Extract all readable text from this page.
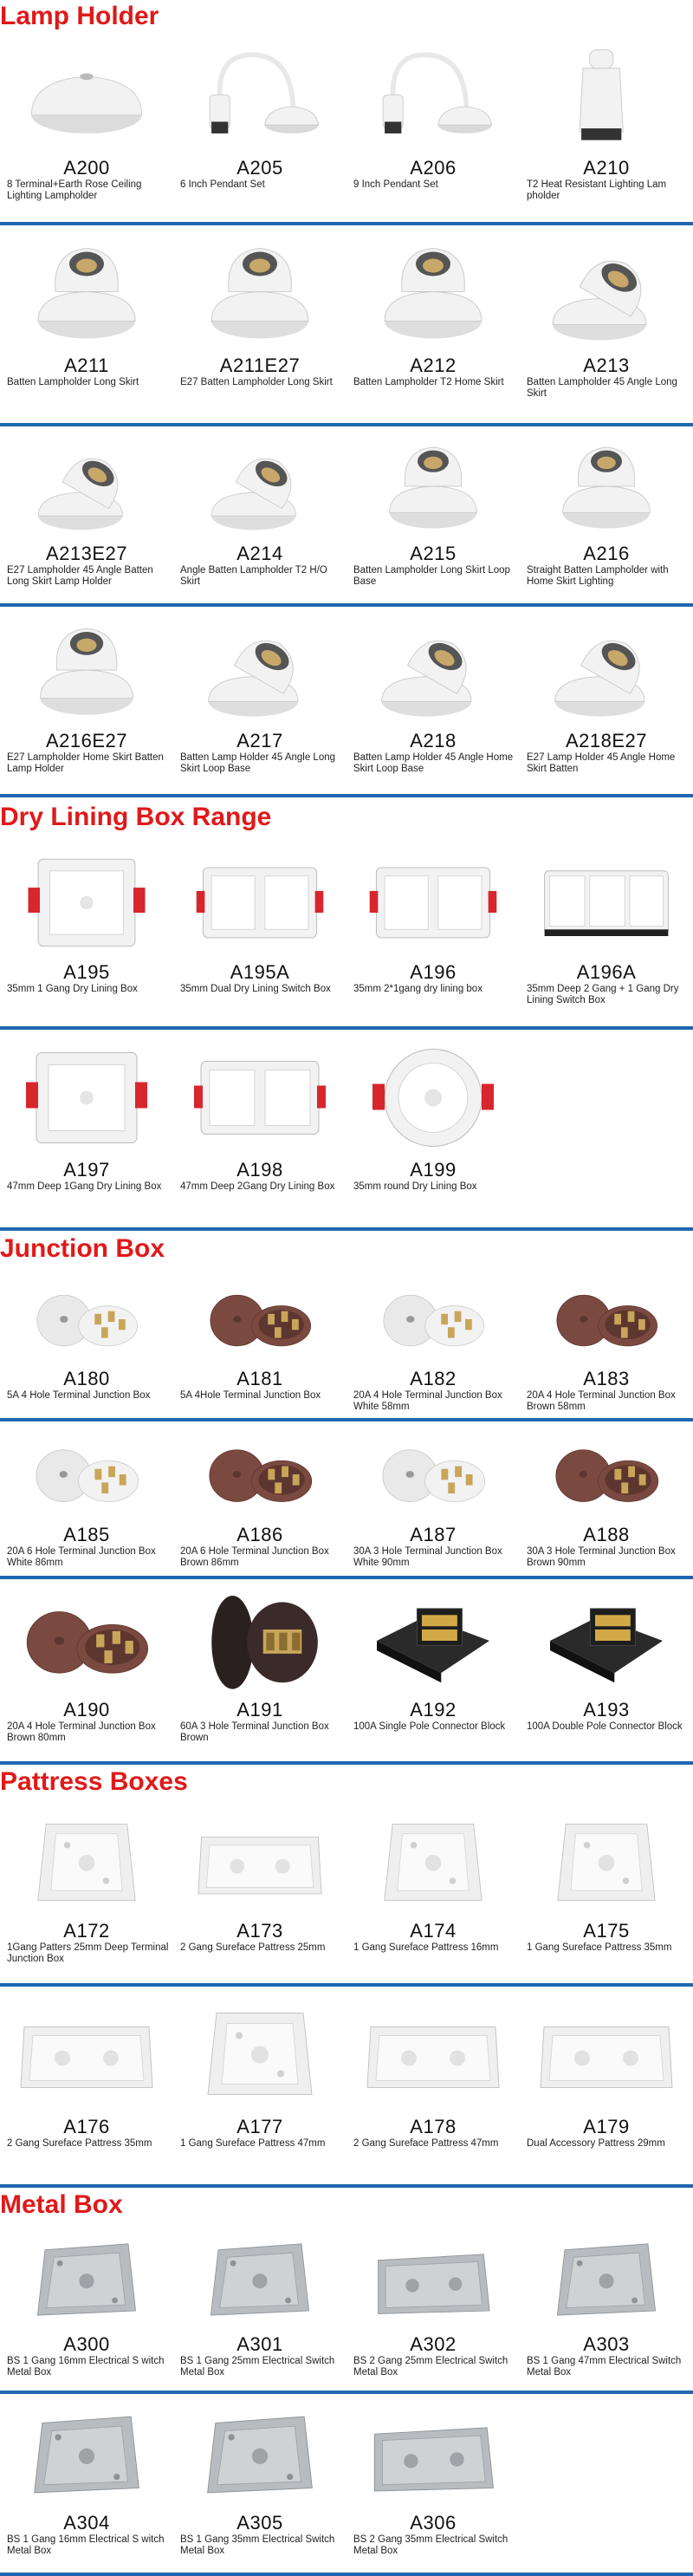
Lamp Holder
A200
8 Terminal+Earth Rose Ceiling Lighting Lampholder
A205
6 Inch Pendant Set
A206
9 Inch Pendant Set
A210
T2 Heat Resistant Lighting Lam pholder
A211
Batten Lampholder Long Skirt
A211E27
E27 Batten Lampholder Long Skirt
A212
Batten Lampholder T2 Home Skirt
A213
Batten Lampholder 45 Angle Long Skirt
A213E27
E27 Lampholder 45 Angle Batten Long Skirt Lamp Holder
A214
Angle Batten Lampholder T2 H/O Skirt
A215
Batten Lampholder Long Skirt Loop Base
A216
Straight Batten Lampholder with Home Skirt Lighting
A216E27
E27 Lampholder Home Skirt Batten Lamp Holder
A217
Batten Lamp Holder 45 Angle Long Skirt Loop Base
A218
Batten Lamp Holder 45 Angle Home Skirt Loop Base
A218E27
E27 Lamp Holder 45 Angle Home Skirt Batten
Dry Lining Box Range
A195
35mm 1 Gang Dry Lining Box
A195A
35mm Dual Dry Lining Switch Box
A196
35mm 2*1gang dry lining box
A196A
35mm Deep 2 Gang + 1 Gang Dry Lining Switch Box
A197
47mm Deep 1Gang Dry Lining Box
A198
47mm Deep 2Gang Dry Lining Box
A199
35mm round Dry Lining Box
Junction Box
A180
5A 4 Hole Terminal Junction Box
A181
5A 4Hole Terminal Junction Box
A182
20A 4 Hole Terminal Junction Box White 58mm
A183
20A 4 Hole Terminal Junction Box Brown 58mm
A185
20A 6 Hole Terminal Junction Box White 86mm
A186
20A 6 Hole Terminal Junction Box Brown 86mm
A187
30A 3 Hole Terminal Junction Box White 90mm
A188
30A 3 Hole Terminal Junction Box Brown 90mm
A190
20A 4 Hole Terminal Junction Box Brown 80mm
A191
60A 3 Hole Terminal Junction Box Brown
A192
100A Single Pole Connector Block
A193
100A Double Pole Connector Block
Pattress Boxes
A172
1Gang Patters 25mm Deep Terminal Junction Box
A173
2 Gang Sureface Pattress 25mm
A174
1 Gang Sureface Pattress 16mm
A175
1 Gang Sureface Pattress 35mm
A176
2 Gang Sureface Pattress 35mm
A177
1 Gang Sureface Pattress 47mm
A178
2 Gang Sureface Pattress 47mm
A179
Dual Accessory Pattress 29mm
Metal Box
A300
BS 1 Gang 16mm Electrical S witch Metal Box
A301
BS 1 Gang 25mm Electrical Switch Metal Box
A302
BS 2 Gang 25mm Electrical Switch Metal Box
A303
BS 1 Gang 47mm Electrical Switch Metal Box
A304
BS 1 Gang 16mm Electrical S witch Metal Box
A305
BS 1 Gang 35mm Electrical Switch Metal Box
A306
BS 2 Gang 35mm Electrical Switch Metal Box
